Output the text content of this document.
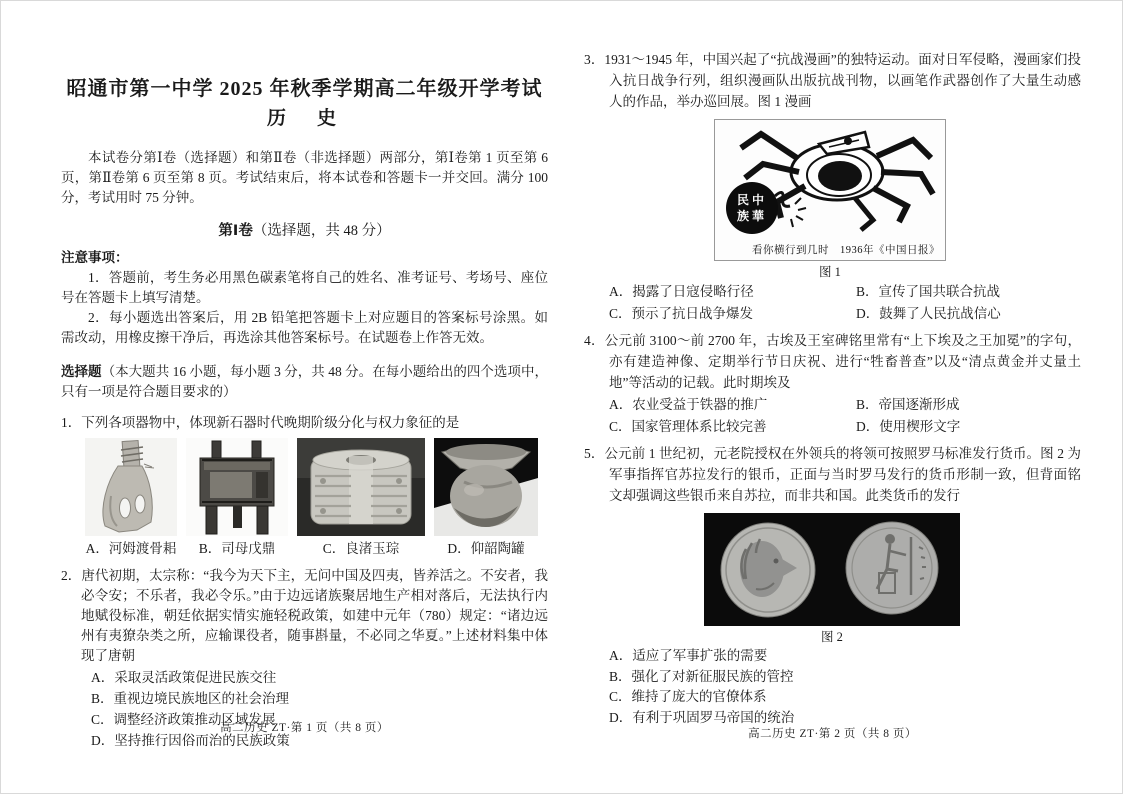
昭通市第一中学 2025 年秋季学期高二年级开学考试
历　史

本试卷分第Ⅰ卷（选择题）和第Ⅱ卷（非选择题）两部分，第Ⅰ卷第 1 页至第 6 页，第Ⅱ卷第 6 页至第 8 页。考试结束后，将本试卷和答题卡一并交回。满分 100 分，考试用时 75 分钟。

第Ⅰ卷（选择题，共 48 分）

注意事项：

1．答题前，考生务必用黑色碳素笔将自己的姓名、准考证号、考场号、座位号在答题卡上填写清楚。

2．每小题选出答案后，用 2B 铅笔把答题卡上对应题目的答案标号涂黑。如需改动，用橡皮擦干净后，再选涂其他答案标号。在试题卷上作答无效。

选择题（本大题共 16 小题，每小题 3 分，共 48 分。在每小题给出的四个选项中，只有一项是符合题目要求的）

1．下列各项器物中，体现新石器时代晚期阶级分化与权力象征的是

A．河姆渡骨耜	B．司母戊鼎	C．良渚玉琮	D．仰韶陶罐

2．唐代初期，太宗称：“我今为天下主，无问中国及四夷，皆养活之。不安者，我必令安；不乐者，我必令乐。”由于边远诸族聚居地生产相对落后，无法执行内地赋役标准，朝廷依据实情实施轻税政策，如建中元年（780）规定：“诸边远州有夷獠杂类之所，应输课役者，随事斟量，不必同之华夏。”上述材料集中体现了唐朝

A．采取灵活政策促进民族交往
B．重视边境民族地区的社会治理
C．调整经济政策推动区域发展
D．坚持推行因俗而治的民族政策
高二历史 ZT·第 1 页（共 8 页）

3．1931～1945 年，中国兴起了“抗战漫画”的独特运动。面对日军侵略，漫画家们投入抗日战争行列，组织漫画队出版抗战刊物，以画笔作武器创作了大量生动感人的作品，举办巡回展。图 1 漫画

民中
族華
看你横行到几时　1936年《中国日报》
图 1
A．揭露了日寇侵略行径	B．宣传了国共联合抗战
C．预示了抗日战争爆发	D．鼓舞了人民抗战信心

4．公元前 3100～前 2700 年，古埃及王室碑铭里常有“上下埃及之王加冕”的字句，亦有建造神像、定期举行节日庆祝、进行“牲畜普查”以及“清点黄金并丈量土地”等活动的记载。此时期埃及

A．农业受益于铁器的推广	B．帝国逐渐形成
C．国家管理体系比较完善	D．使用楔形文字

5．公元前 1 世纪初，元老院授权在外领兵的将领可按照罗马标准发行货币。图 2 为军事指挥官苏拉发行的银币，正面与当时罗马发行的货币形制一致，但背面铭文却强调这些银币来自苏拉，而非共和国。此类货币的发行

图 2
A．适应了军事扩张的需要
B．强化了对新征服民族的管控
C．维持了庞大的官僚体系
D．有利于巩固罗马帝国的统治
高二历史 ZT·第 2 页（共 8 页）
